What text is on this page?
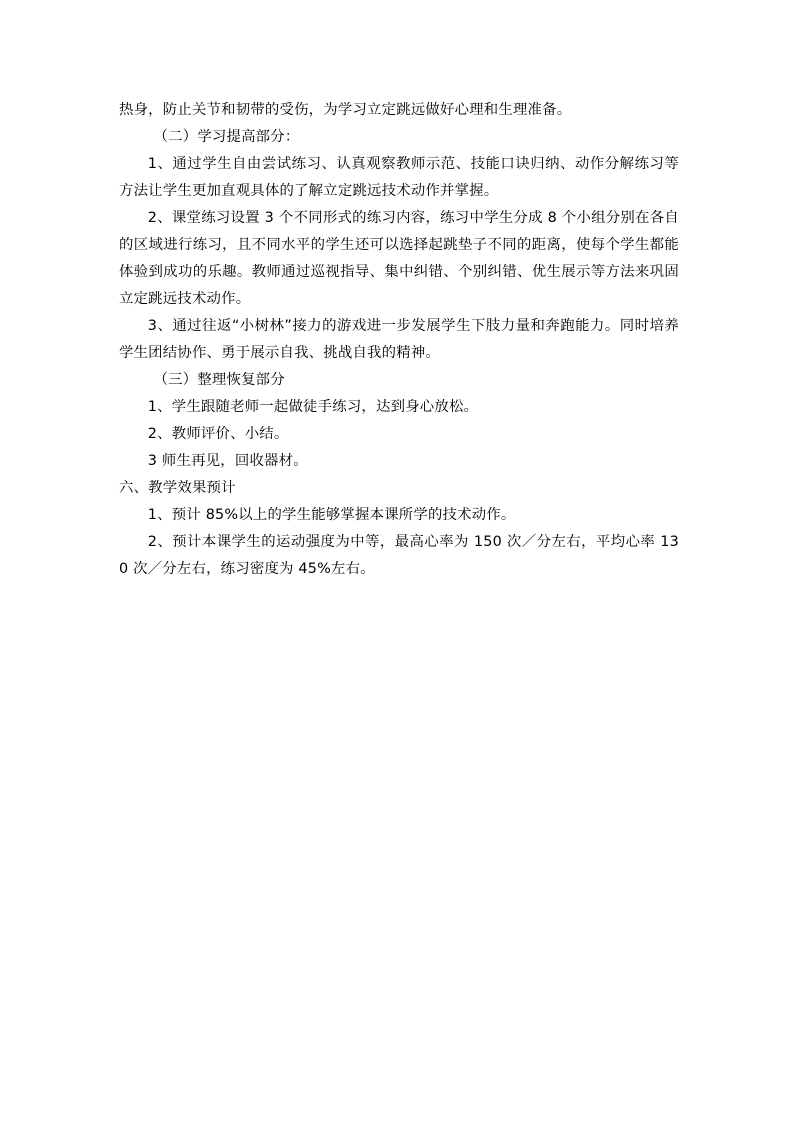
热身，防止关节和韧带的受伤，为学习立定跳远做好心理和生理准备。

（二）学习提高部分：

1、通过学生自由尝试练习、认真观察教师示范、技能口诀归纳、动作分解练习等方法让学生更加直观具体的了解立定跳远技术动作并掌握。

2、课堂练习设置 3 个不同形式的练习内容，练习中学生分成 8 个小组分别在各自的区域进行练习，且不同水平的学生还可以选择起跳垫子不同的距离，使每个学生都能体验到成功的乐趣。教师通过巡视指导、集中纠错、个别纠错、优生展示等方法来巩固立定跳远技术动作。

3、通过往返“小树林”接力的游戏进一步发展学生下肢力量和奔跑能力。同时培养学生团结协作、勇于展示自我、挑战自我的精神。

（三）整理恢复部分

1、学生跟随老师一起做徒手练习，达到身心放松。

2、教师评价、小结。

3 师生再见，回收器材。

六、教学效果预计

1、预计 85%以上的学生能够掌握本课所学的技术动作。

2、预计本课学生的运动强度为中等，最高心率为 150 次／分左右，平均心率 130 次／分左右，练习密度为 45%左右。
